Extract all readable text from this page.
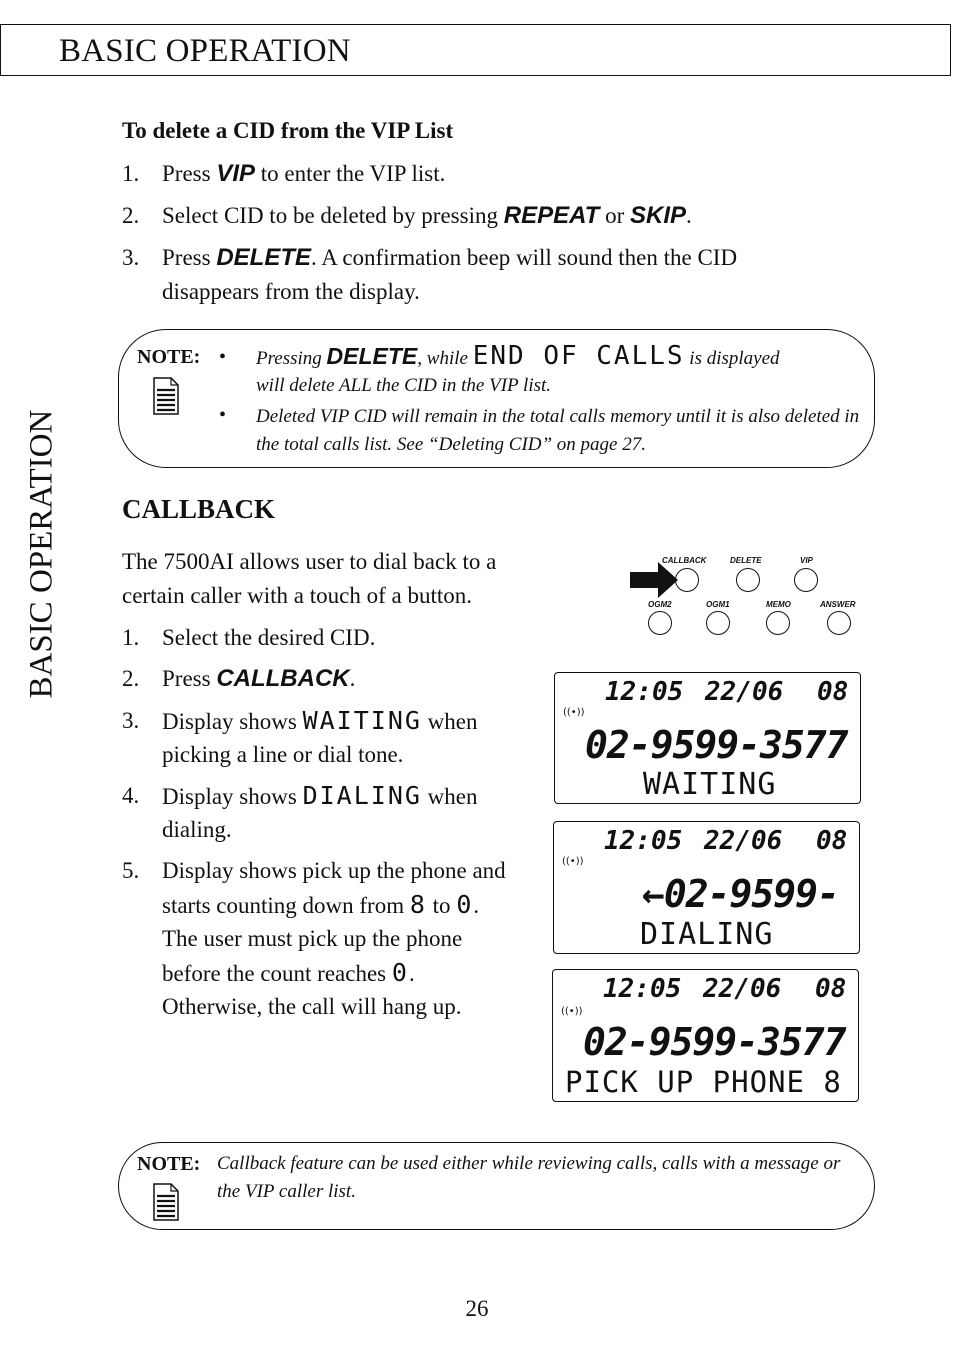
BASIC OPERATION
BASIC OPERATION
To delete a CID from the VIP List
1. Press VIP to enter the VIP list.
2. Select CID to be deleted by pressing REPEAT or SKIP.
3. Press DELETE. A confirmation beep will sound then the CID
disappears from the display.
NOTE: • Pressing DELETE, while END OF CALLS is displayed
will delete ALL the CID in the VIP list.
• Deleted VIP CID will remain in the total calls memory until it is also deleted in
the total calls list. See “Deleting CID” on page 27.
CALLBACK
The 7500AI allows user to dial back to a
certain caller with a touch of a button.
1. Select the desired CID.
2. Press CALLBACK.
3. Display shows WAITING when
picking a line or dial tone.
4. Display shows DIALING when
dialing.
5. Display shows pick up the phone and
starts counting down from 8 to 0.
The user must pick up the phone
before the count reaches 0.
Otherwise, the call will hang up.
CALLBACK	DELETE	VIP
OGM2	OGM1	MEMO	ANSWER
12:05 22/06 08
((•))
02-9599-3577
WAITING
12:05 22/06 08
((•))
←02-9599-
DIALING
12:05 22/06 08
((•))
02-9599-3577
PICK UP PHONE 8
NOTE: Callback feature can be used either while reviewing calls, calls with a message or
the VIP caller list.
26
